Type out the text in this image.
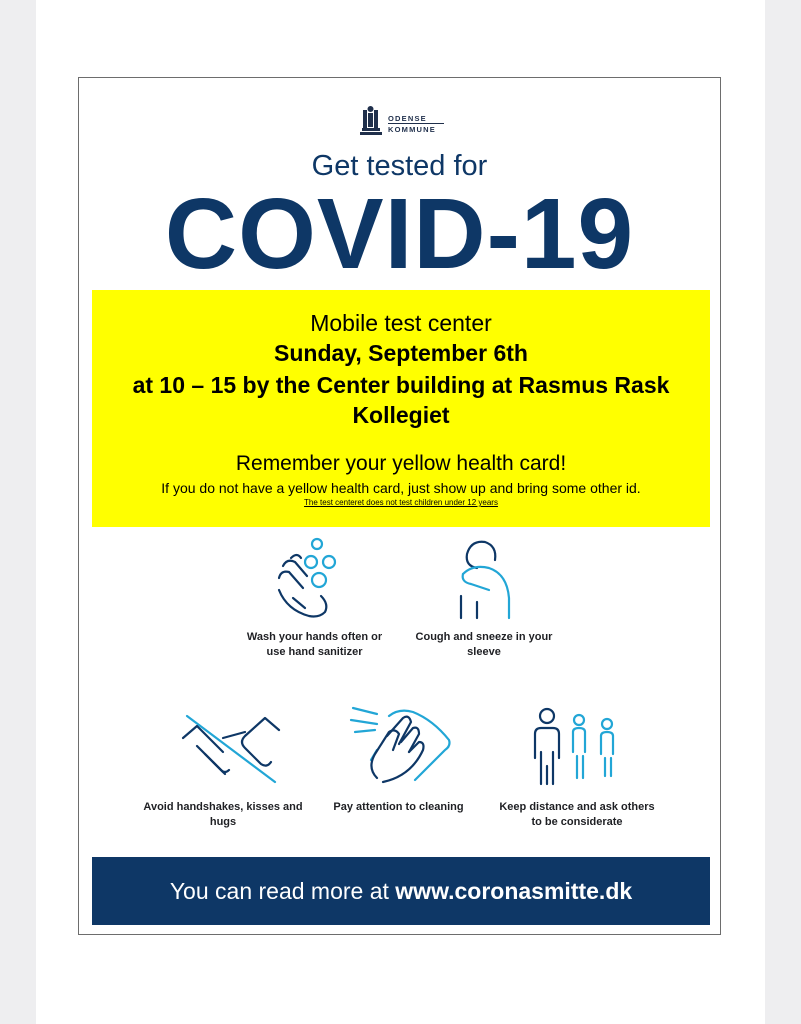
ODENSE
KOMMUNE
Get tested for
COVID-19
Mobile test center
Sunday, September 6th
at 10 – 15 by the Center building at Rasmus Rask Kollegiet
Remember your yellow health card!
If you do not have a yellow health card, just show up and bring some other id.
The test centeret does not test children under 12 years
Wash your hands often or use hand sanitizer
Cough and sneeze in your sleeve
Avoid handshakes, kisses and hugs
Pay attention to cleaning	Keep distance and ask others to be considerate
You can read more at www.coronasmitte.dk
